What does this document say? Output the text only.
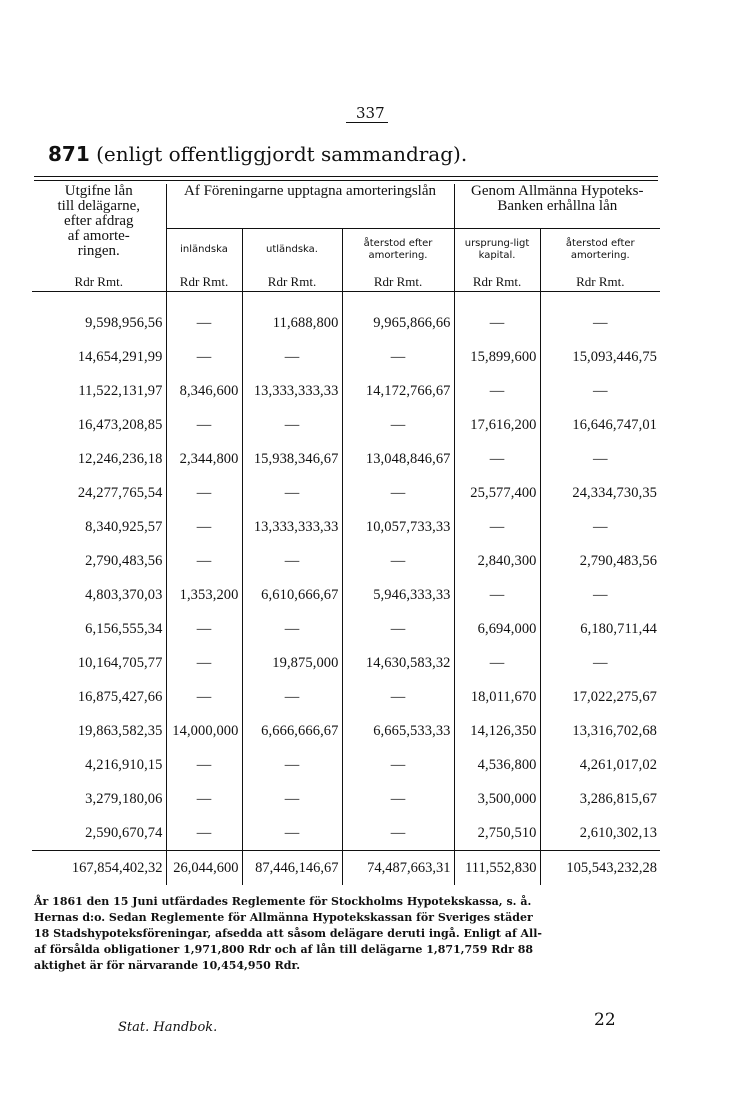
337
871 (enligt offentliggjordt sammandrag).
Utgifne lån
till delägarne,
efter afdrag
af amorte-
ringen.	Af Föreningarne upptagna amorteringslån			Genom Allmänna Hypoteks-Banken erhållna lån	
	inländska	utländska.	återstod efter amortering.	ursprung-ligt kapital.	återstod efter amortering.
Rdr Rmt.	Rdr Rmt.	Rdr Rmt.	Rdr Rmt.	Rdr Rmt.	Rdr Rmt.

9,598,956,56	—	11,688,800	9,965,866,66	—	—
14,654,291,99	—	—	—	15,899,600	15,093,446,75
11,522,131,97	8,346,600	13,333,333,33	14,172,766,67	—	—
16,473,208,85	—	—	—	17,616,200	16,646,747,01
12,246,236,18	2,344,800	15,938,346,67	13,048,846,67	—	—
24,277,765,54	—	—	—	25,577,400	24,334,730,35
8,340,925,57	—	13,333,333,33	10,057,733,33	—	—
2,790,483,56	—	—	—	2,840,300	2,790,483,56
4,803,370,03	1,353,200	6,610,666,67	5,946,333,33	—	—
6,156,555,34	—	—	—	6,694,000	6,180,711,44
10,164,705,77	—	19,875,000	14,630,583,32	—	—
16,875,427,66	—	—	—	18,011,670	17,022,275,67
19,863,582,35	14,000,000	6,666,666,67	6,665,533,33	14,126,350	13,316,702,68
4,216,910,15	—	—	—	4,536,800	4,261,017,02
3,279,180,06	—	—	—	3,500,000	3,286,815,67
2,590,670,74	—	—	—	2,750,510	2,610,302,13
167,854,402,32	26,044,600	87,446,146,67	74,487,663,31	111,552,830	105,543,232,28

År 1861 den 15 Juni utfärdades Reglemente för Stockholms Hypotekskassa, s. å.

Hernas d:o. Sedan Reglemente för Allmänna Hypotekskassan för Sveriges städer

18 Stadshypoteksföreningar, afsedda att såsom delägare deruti ingå. Enligt af All-

af försålda obligationer 1,971,800 Rdr och af lån till delägarne 1,871,759 Rdr 88

aktighet är för närvarande 10,454,950 Rdr.

Stat. Handbok.	22
